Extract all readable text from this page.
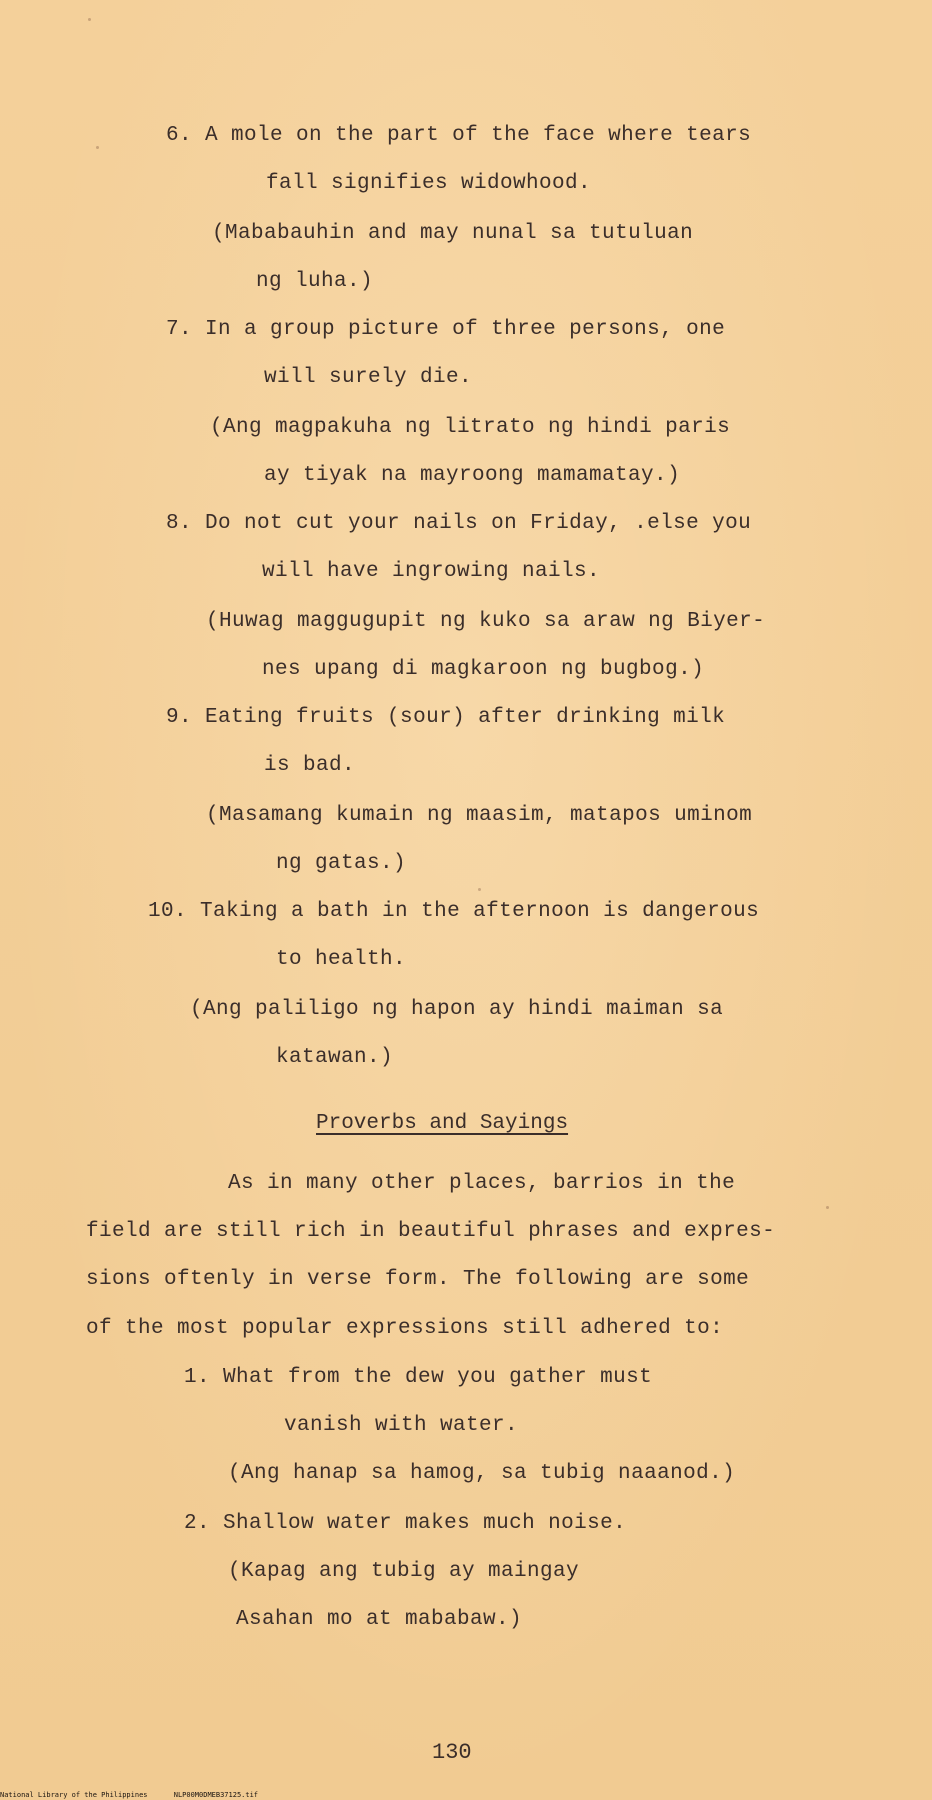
6. A mole on the part of the face where tears
fall signifies widowhood.
(Mababauhin and may nunal sa tutuluan
ng luha.)
7. In a group picture of three persons, one
will surely die.
(Ang magpakuha ng litrato ng hindi paris
ay tiyak na mayroong mamamatay.)
8. Do not cut your nails on Friday, .else you
will have ingrowing nails.
(Huwag maggugupit ng kuko sa araw ng Biyer-
nes upang di magkaroon ng bugbog.)
9. Eating fruits (sour) after drinking milk
is bad.
(Masamang kumain ng maasim, matapos uminom
ng gatas.)
10. Taking a bath in the afternoon is dangerous
to health.
(Ang paliligo ng hapon ay hindi maiman sa
katawan.)
Proverbs and Sayings
As in many other places, barrios in the
field are still rich in beautiful phrases and expres-
sions oftenly in verse form. The following are some
of the most popular expressions still adhered to:
1. What from the dew you gather must
vanish with water.
(Ang hanap sa hamog, sa tubig naaanod.)
2. Shallow water makes much noise.
(Kapag ang tubig ay maingay
Asahan mo at mababaw.)
130
National Library of the Philippines	NLP00M0DMEB37125.tif
